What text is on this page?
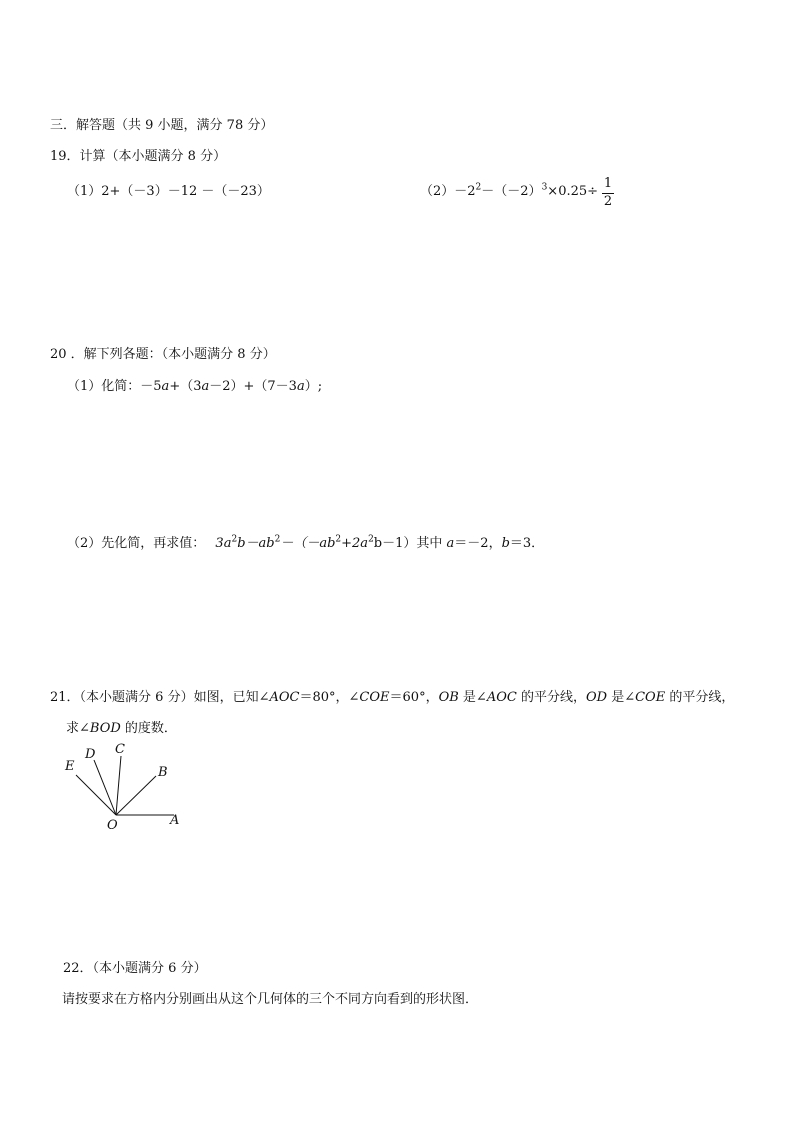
三．解答题（共 9 小题，满分 78 分）
19．计算（本小题满分 8 分）
（1）2+（－3）－12 －（－23）	$(2)-2^2-(-2)^3\times 0.25\div$
1
2
20 ．解下列各题：（本小题满分 8 分）
（1）化简：－5a+（3a－2）+（7－3a）;
（2）先化简，再求值： $3a^2b-ab^2-(-ab^2+2a^2b-1)$其中 a＝－2，b＝3．
21．（本小题满分 6 分）如图，已知∠AOC＝80°，∠COE＝60°，OB 是∠AOC 的平分线，OD 是∠COE 的平分线，
求∠BOD 的度数．
E
D C
B
O	A
22．（本小题满分 6 分）
请按要求在方格内分别画出从这个几何体的三个不同方向看到的形状图．
